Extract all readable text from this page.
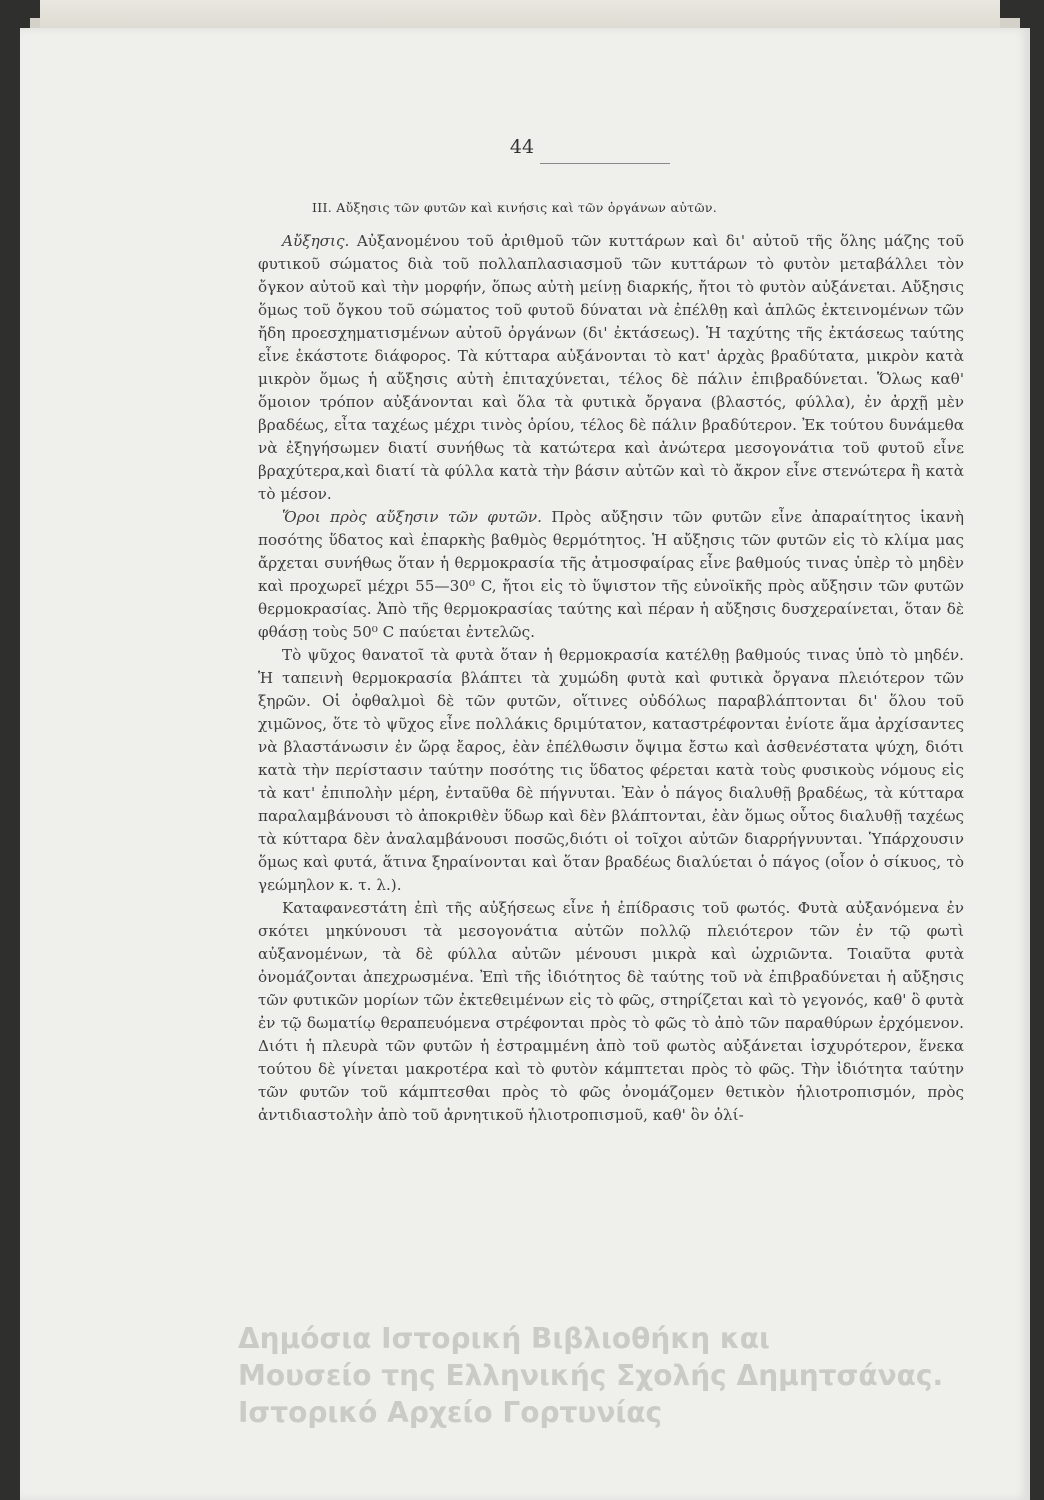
44
III. Αὔξησις τῶν φυτῶν καὶ κινήσις καὶ τῶν ὀργάνων αὐτῶν.

Αὔξησις. Αὐξανομένου τοῦ ἀριθμοῦ τῶν κυττάρων καὶ δι' αὐτοῦ τῆς ὅλης μάζης τοῦ φυτικοῦ σώματος διὰ τοῦ πολλαπλασιασμοῦ τῶν κυττάρων τὸ φυτὸν μεταβάλλει τὸν ὄγκον αὐτοῦ καὶ τὴν μορφήν, ὅπως αὐτὴ μείνῃ διαρκής, ἤτοι τὸ φυτὸν αὐξάνεται. Αὔξησις ὅμως τοῦ ὄγκου τοῦ σώματος τοῦ φυτοῦ δύναται νὰ ἐπέλθῃ καὶ ἁπλῶς ἐκτεινομένων τῶν ἤδη προεσχηματισμένων αὐτοῦ ὀργάνων (δι' ἐκτάσεως). Ἡ ταχύτης τῆς ἐκτάσεως ταύτης εἶνε ἑκάστοτε διάφορος. Τὰ κύτταρα αὐξάνονται τὸ κατ' ἀρχὰς βραδύτατα, μικρὸν κατὰ μικρὸν ὅμως ἡ αὔξησις αὐτὴ ἐπιταχύνεται, τέλος δὲ πάλιν ἐπιβραδύνεται. Ὅλως καθ' ὅμοιον τρόπον αὐξάνονται καὶ ὅλα τὰ φυτικὰ ὄργανα (βλαστός, φύλλα), ἐν ἀρχῇ μὲν βραδέως, εἶτα ταχέως μέχρι τινὸς ὁρίου, τέλος δὲ πάλιν βραδύτερον. Ἐκ τούτου δυνάμεθα νὰ ἐξηγήσωμεν διατί συνήθως τὰ κατώτερα καὶ ἀνώτερα μεσογονάτια τοῦ φυτοῦ εἶνε βραχύτερα,καὶ διατί τὰ φύλλα κατὰ τὴν βάσιν αὐτῶν καὶ τὸ ἄκρον εἶνε στενώτερα ἢ κατὰ τὸ μέσον.

Ὅροι πρὸς αὔξησιν τῶν φυτῶν. Πρὸς αὔξησιν τῶν φυτῶν εἶνε ἀπαραίτητος ἱκανὴ ποσότης ὕδατος καὶ ἐπαρκὴς βαθμὸς θερμότητος. Ἡ αὔξησις τῶν φυτῶν εἰς τὸ κλίμα μας ἄρχεται συνήθως ὅταν ἡ θερμοκρασία τῆς ἀτμοσφαίρας εἶνε βαθμούς τινας ὑπὲρ τὸ μηδὲν καὶ προχωρεῖ μέχρι 55—30⁰ C, ἤτοι εἰς τὸ ὕψιστον τῆς εὐνοϊκῆς πρὸς αὔξησιν τῶν φυτῶν θερμοκρασίας. Ἀπὸ τῆς θερμοκρασίας ταύτης καὶ πέραν ἡ αὔξησις δυσχεραίνεται, ὅταν δὲ φθάσῃ τοὺς 50⁰ C παύεται ἐντελῶς.

Τὸ ψῦχος θανατοῖ τὰ φυτὰ ὅταν ἡ θερμοκρασία κατέλθῃ βαθμούς τινας ὑπὸ τὸ μηδέν. Ἡ ταπεινὴ θερμοκρασία βλάπτει τὰ χυμώδη φυτὰ καὶ φυτικὰ ὄργανα πλειότερον τῶν ξηρῶν. Οἱ ὀφθαλμοὶ δὲ τῶν φυτῶν, οἵτινες οὐδόλως παραβλάπτονται δι' ὅλου τοῦ χιμῶνος, ὅτε τὸ ψῦχος εἶνε πολλάκις δριμύτατον, καταστρέφονται ἐνίοτε ἅμα ἀρχίσαντες νὰ βλαστάνωσιν ἐν ὥρᾳ ἔαρος, ἐὰν ἐπέλθωσιν ὄψιμα ἔστω καὶ ἀσθενέστατα ψύχη, διότι κατὰ τὴν περίστασιν ταύτην ποσότης τις ὕδατος φέρεται κατὰ τοὺς φυσικοὺς νόμους εἰς τὰ κατ' ἐπιπολὴν μέρη, ἐνταῦθα δὲ πήγνυται. Ἐὰν ὁ πάγος διαλυθῇ βραδέως, τὰ κύτταρα παραλαμβάνουσι τὸ ἀποκριθὲν ὕδωρ καὶ δὲν βλάπτονται, ἐὰν ὅμως οὗτος διαλυθῇ ταχέως τὰ κύτταρα δὲν ἀναλαμβάνουσι ποσῶς,διότι οἱ τοῖχοι αὐτῶν διαρρήγνυνται. Ὑπάρχουσιν ὅμως καὶ φυτά, ἅτινα ξηραίνονται καὶ ὅταν βραδέως διαλύεται ὁ πάγος (οἷον ὁ σίκυος, τὸ γεώμηλον κ. τ. λ.).

Καταφανεστάτη ἐπὶ τῆς αὐξήσεως εἶνε ἡ ἐπίδρασις τοῦ φωτός. Φυτὰ αὐξανόμενα ἐν σκότει μηκύνουσι τὰ μεσογονάτια αὐτῶν πολλῷ πλειότερον τῶν ἐν τῷ φωτὶ αὐξανομένων, τὰ δὲ φύλλα αὐτῶν μένουσι μικρὰ καὶ ὠχριῶντα. Τοιαῦτα φυτὰ ὀνομάζονται ἀπεχρωσμένα. Ἐπὶ τῆς ἰδιότητος δὲ ταύτης τοῦ νὰ ἐπιβραδύνεται ἡ αὔξησις τῶν φυτικῶν μορίων τῶν ἐκτεθειμένων εἰς τὸ φῶς, στηρίζεται καὶ τὸ γεγονός, καθ' ὃ φυτὰ ἐν τῷ δωματίῳ θεραπευόμενα στρέφονται πρὸς τὸ φῶς τὸ ἀπὸ τῶν παραθύρων ἐρχόμενον. Διότι ἡ πλευρὰ τῶν φυτῶν ἡ ἐστραμμένη ἀπὸ τοῦ φωτὸς αὐξάνεται ἰσχυρότερον, ἕνεκα τούτου δὲ γίνεται μακροτέρα καὶ τὸ φυτὸν κάμπτεται πρὸς τὸ φῶς. Τὴν ἰδιότητα ταύτην τῶν φυτῶν τοῦ κάμπτεσθαι πρὸς τὸ φῶς ὀνομάζομεν θετικὸν ἡλιοτροπισμόν, πρὸς ἀντιδιαστολὴν ἀπὸ τοῦ ἀρνητικοῦ ἡλιοτροπισμοῦ, καθ' ὃν ὀλί-

Δημόσια Ιστορική Βιβλιοθήκη και
Μουσείο της Ελληνικής Σχολής Δημητσάνας.
Ιστορικό Αρχείο Γορτυνίας
